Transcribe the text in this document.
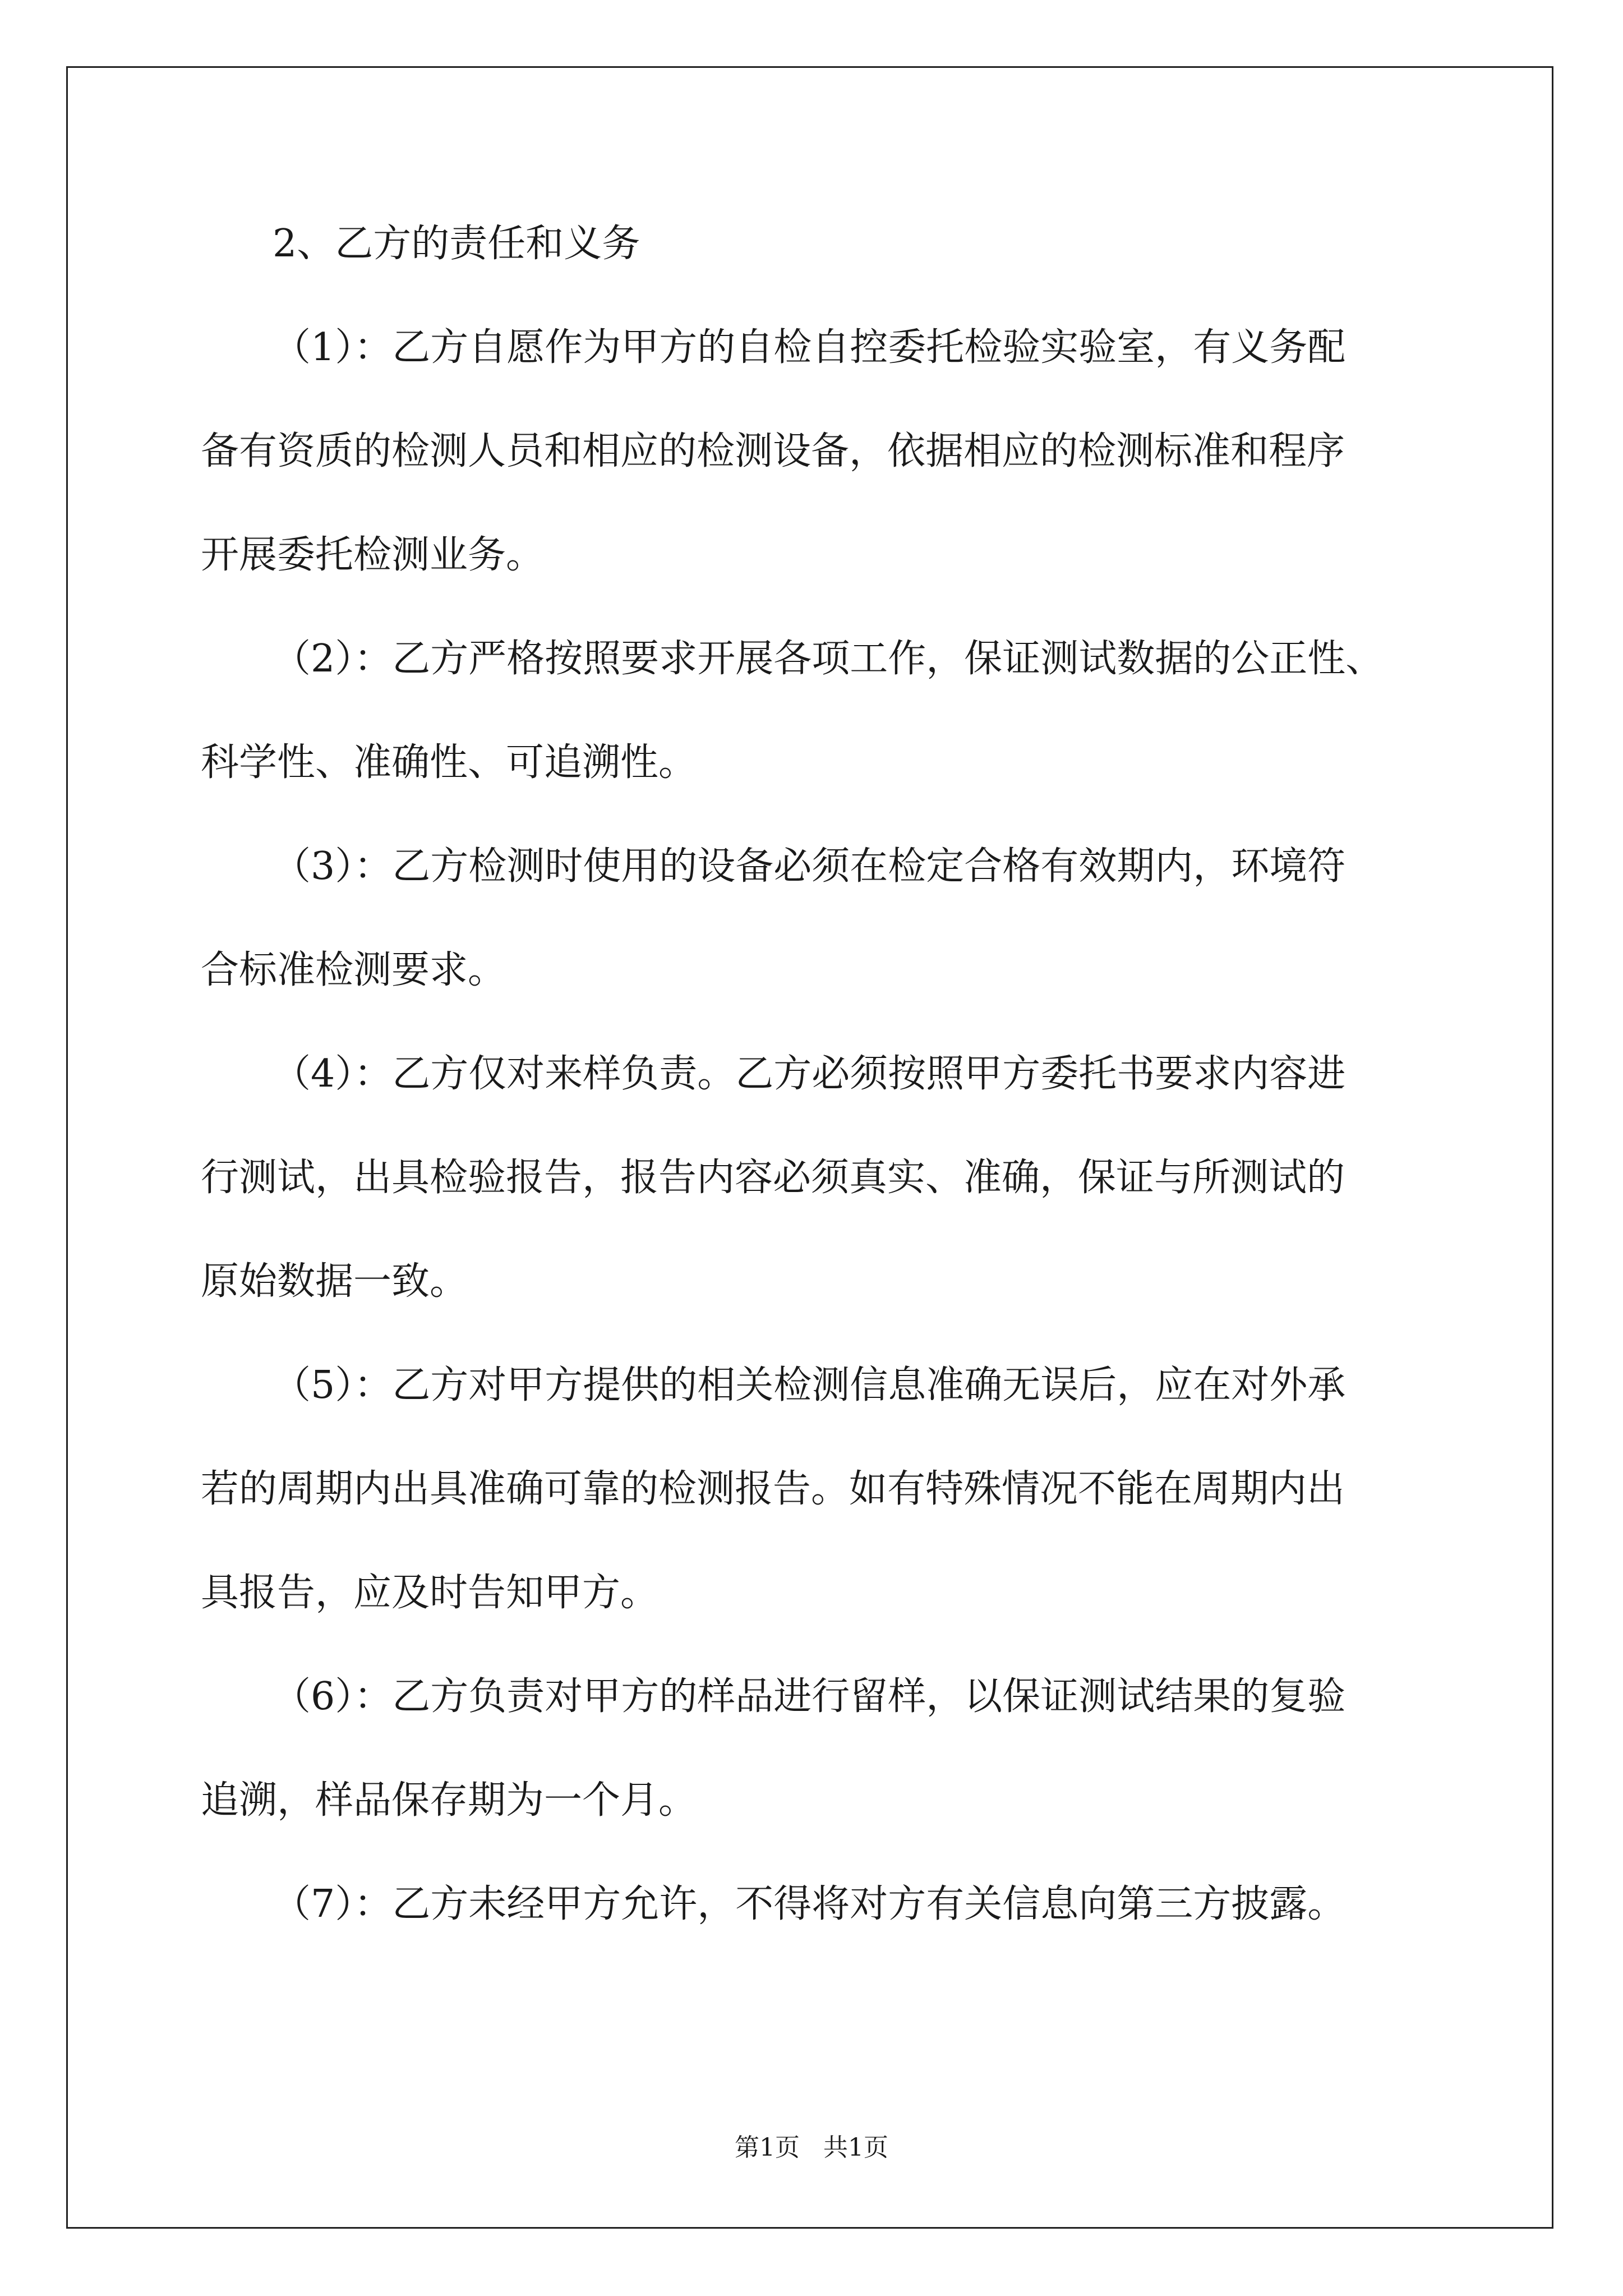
2、乙方的责任和义务
（1）：乙方自愿作为甲方的自检自控委托检验实验室，有义务配
备有资质的检测人员和相应的检测设备，依据相应的检测标准和程序
开展委托检测业务。
（2）：乙方严格按照要求开展各项工作，保证测试数据的公正性、
科学性、准确性、可追溯性。
（3）：乙方检测时使用的设备必须在检定合格有效期内，环境符
合标准检测要求。
（4）：乙方仅对来样负责。乙方必须按照甲方委托书要求内容进
行测试，出具检验报告，报告内容必须真实、准确，保证与所测试的
原始数据一致。
（5）：乙方对甲方提供的相关检测信息准确无误后，应在对外承
若的周期内出具准确可靠的检测报告。如有特殊情况不能在周期内出
具报告，应及时告知甲方。
（6）：乙方负责对甲方的样品进行留样，以保证测试结果的复验
追溯，样品保存期为一个月。
（7）：乙方未经甲方允许，不得将对方有关信息向第三方披露。
第1页   共1页
